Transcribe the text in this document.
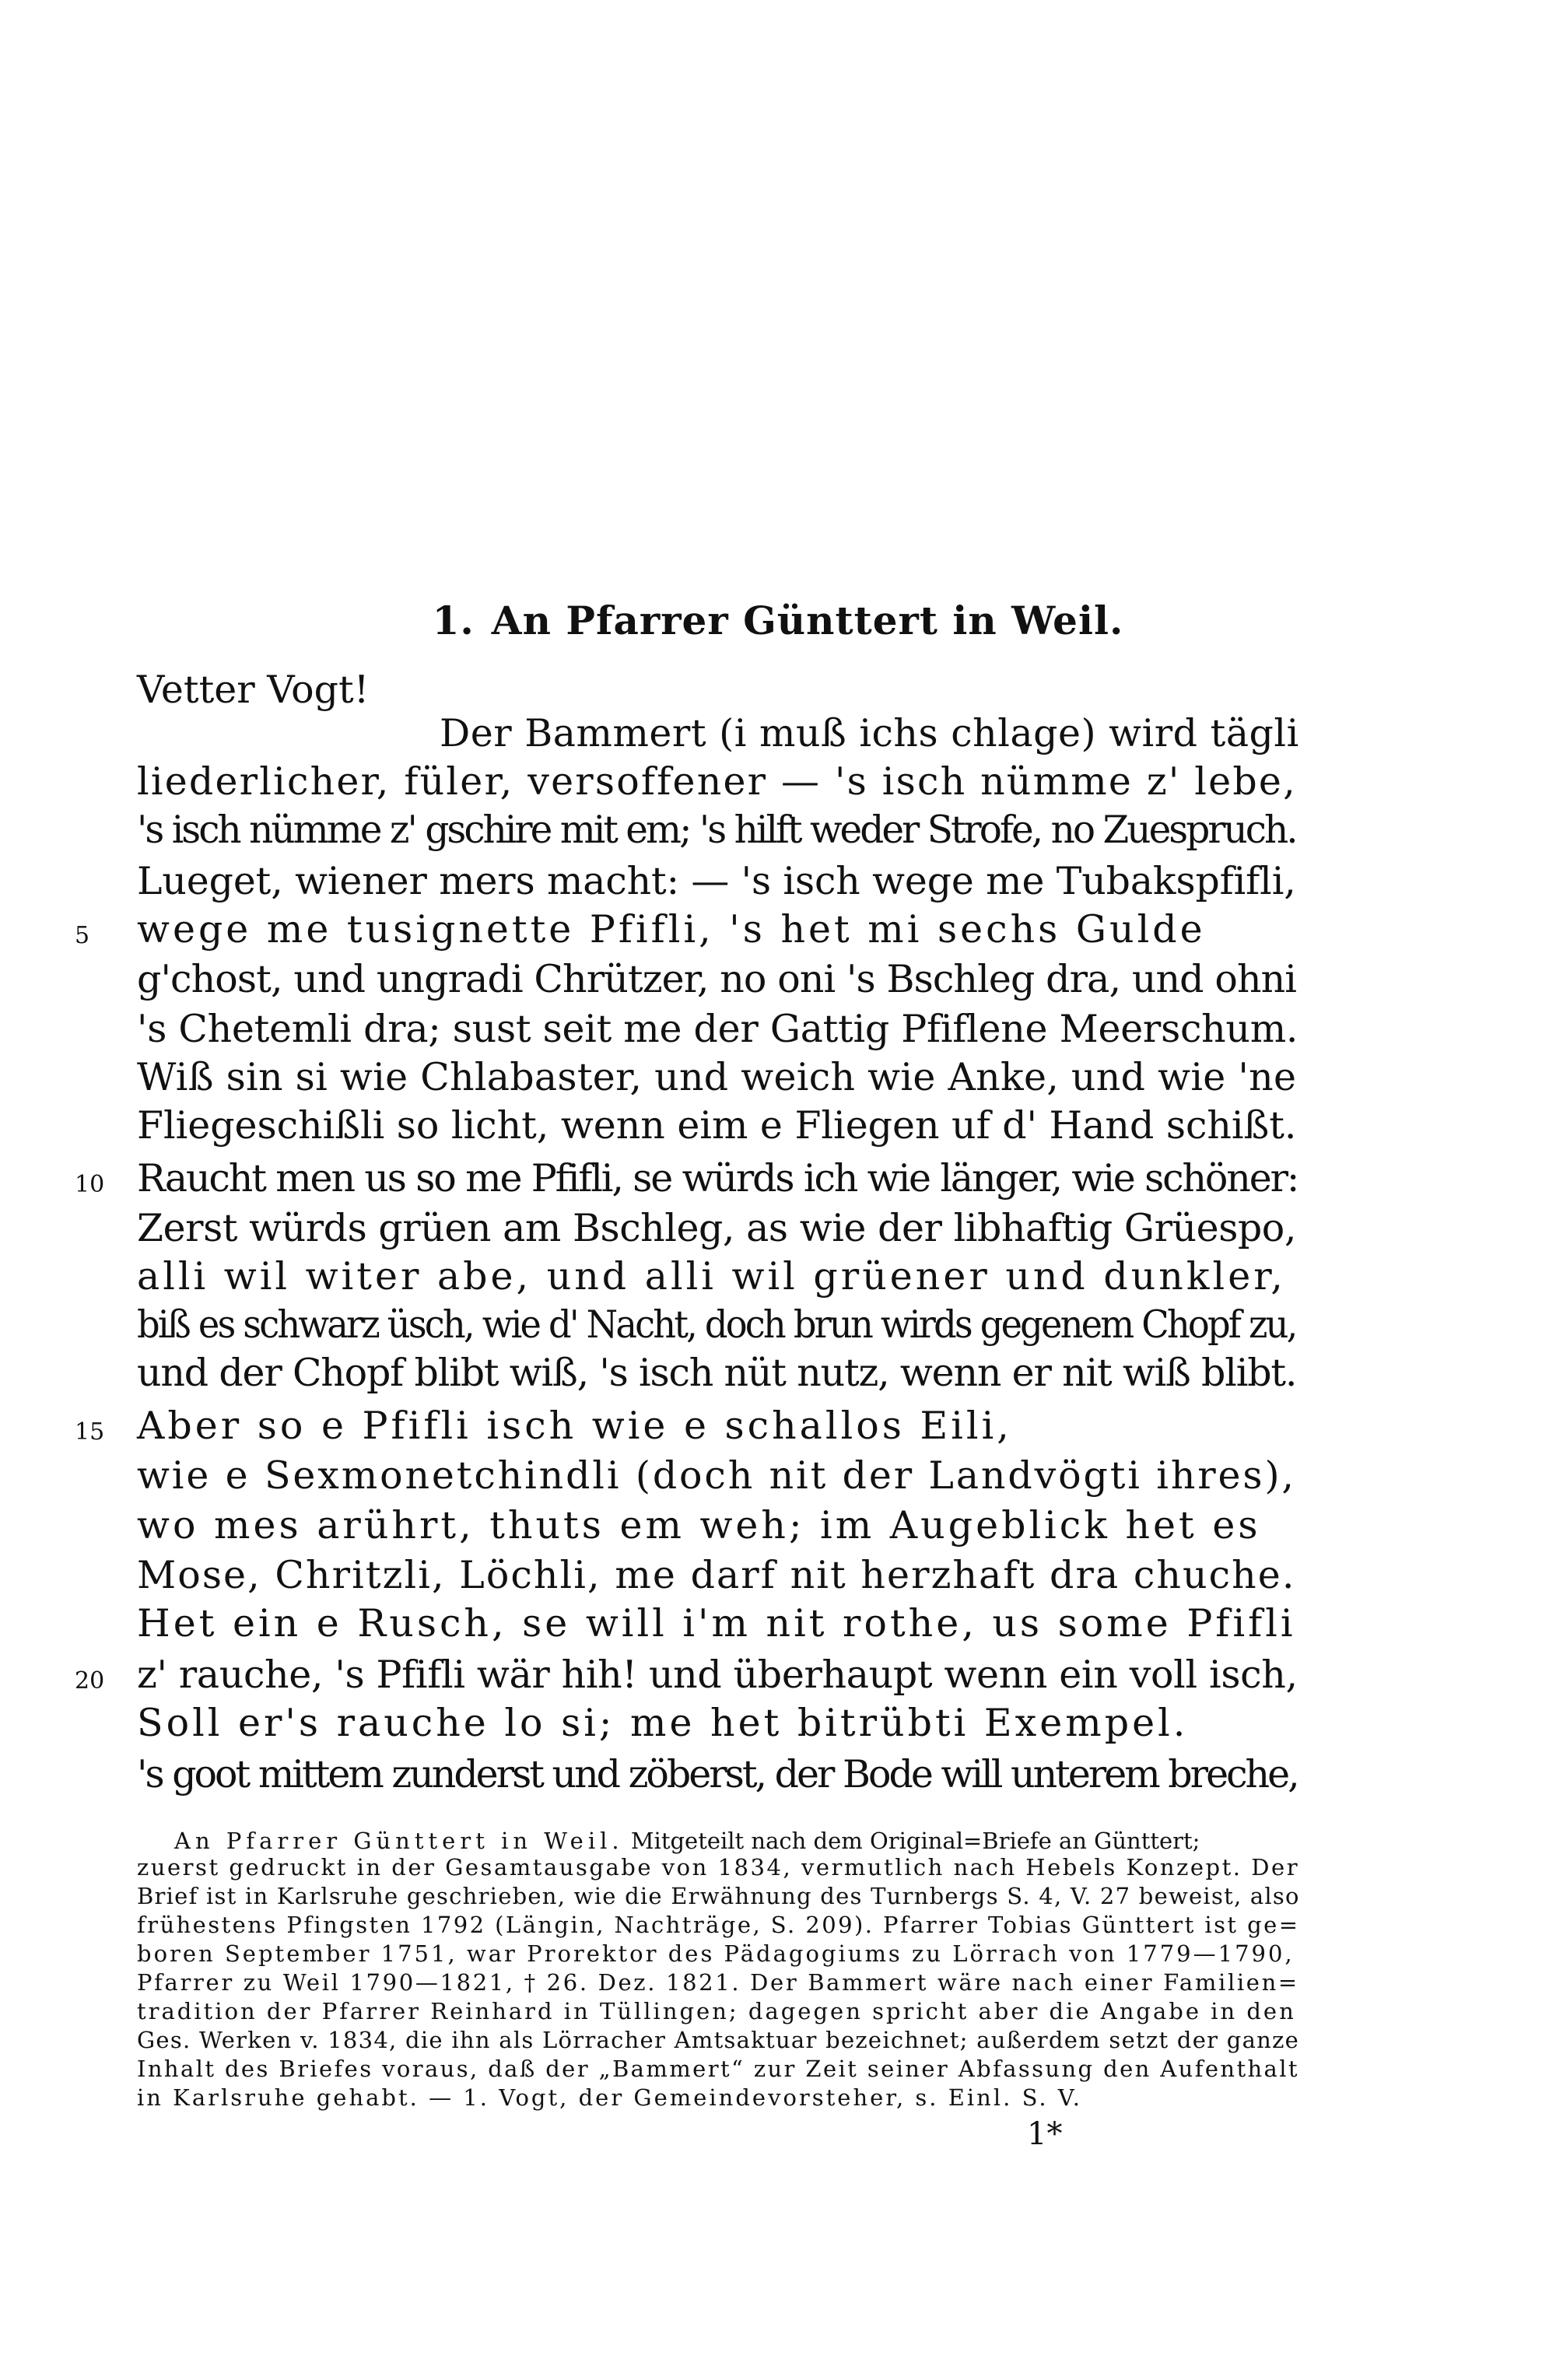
1. An Pfarrer Günttert in Weil.
Vetter Vogt!
Der Bammert (i muß ichs chlage) wird tägli
liederlicher, füler, versoffener — 's isch nümme z' lebe,
's isch nümme z' gschire mit em; 's hilft weder Strofe, no Zuespruch.
Lueget, wiener mers macht: — 's isch wege me Tubakspfifli,
wege me tusignette Pfifli, 's het mi sechs Gulde
5
g'chost, und ungradi Chrützer, no oni 's Bschleg dra, und ohni
's Chetemli dra; sust seit me der Gattig Pfiflene Meerschum.
Wiß sin si wie Chlabaster, und weich wie Anke, und wie 'ne
Fliegeschißli so licht, wenn eim e Fliegen uf d' Hand schißt.
Raucht men us so me Pfifli, se würds ich wie länger, wie schöner:
10
Zerst würds grüen am Bschleg, as wie der libhaftig Grüespo,
alli wil witer abe, und alli wil grüener und dunkler,
biß es schwarz üsch, wie d' Nacht, doch brun wirds gegenem Chopf zu,
und der Chopf blibt wiß, 's isch nüt nutz, wenn er nit wiß blibt.
Aber so e Pfifli isch wie e schallos Eili,
15
wie e Sexmonetchindli (doch nit der Landvögti ihres),
wo mes arührt, thuts em weh; im Augeblick het es
Mose, Chritzli, Löchli, me darf nit herzhaft dra chuche.
Het ein e Rusch, se will i'm nit rothe, us some Pfifli
z' rauche, 's Pfifli wär hih! und überhaupt wenn ein voll isch,
20
Soll er's rauche lo si; me het bitrübti Exempel.
's goot mittem zunderst und zöberst, der Bode will unterem breche,
An Pfarrer Günttert in Weil. Mitgeteilt nach dem Original=Briefe an Günttert;
zuerst gedruckt in der Gesamtausgabe von 1834, vermutlich nach Hebels Konzept. Der
Brief ist in Karlsruhe geschrieben, wie die Erwähnung des Turnbergs S. 4, V. 27 beweist, also
frühestens Pfingsten 1792 (Längin, Nachträge, S. 209). Pfarrer Tobias Günttert ist ge=
boren September 1751, war Prorektor des Pädagogiums zu Lörrach von 1779—1790,
Pfarrer zu Weil 1790—1821, † 26. Dez. 1821. Der Bammert wäre nach einer Familien=
tradition der Pfarrer Reinhard in Tüllingen; dagegen spricht aber die Angabe in den
Ges. Werken v. 1834, die ihn als Lörracher Amtsaktuar bezeichnet; außerdem setzt der ganze
Inhalt des Briefes voraus, daß der „Bammert“ zur Zeit seiner Abfassung den Aufenthalt
in Karlsruhe gehabt. — 1. Vogt, der Gemeindevorsteher, s. Einl. S. V.
1*
